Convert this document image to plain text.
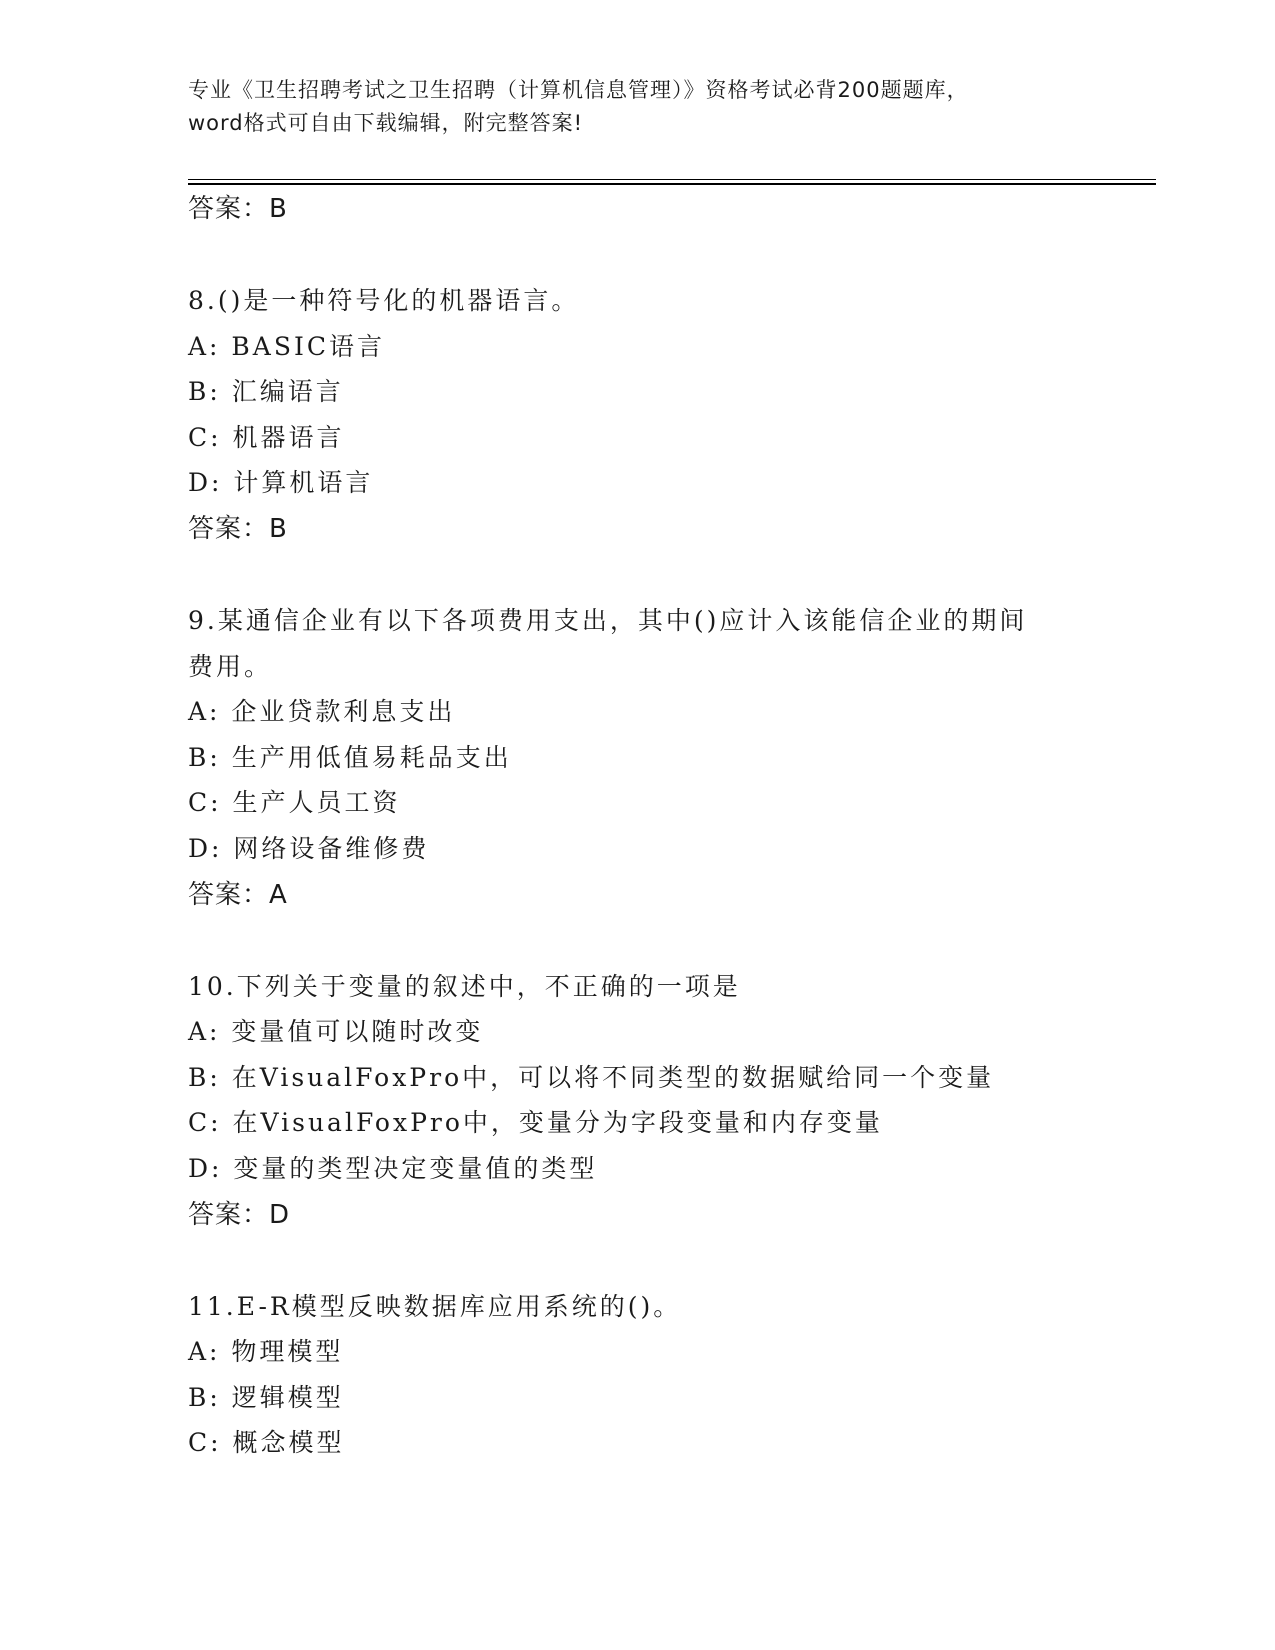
专业《卫生招聘考试之卫生招聘（计算机信息管理）》资格考试必背200题题库，
word格式可自由下载编辑，附完整答案!
答案：B
8.()是一种符号化的机器语言。
A: BASIC语言
B: 汇编语言
C: 机器语言
D: 计算机语言
答案：B
9.某通信企业有以下各项费用支出，其中()应计入该能信企业的期间
费用。
A: 企业贷款利息支出
B: 生产用低值易耗品支出
C: 生产人员工资
D: 网络设备维修费
答案：A
10.下列关于变量的叙述中，不正确的一项是
A: 变量值可以随时改变
B: 在VisualFoxPro中，可以将不同类型的数据赋给同一个变量
C: 在VisualFoxPro中，变量分为字段变量和内存变量
D: 变量的类型决定变量值的类型
答案：D
11.E-R模型反映数据库应用系统的()。
A: 物理模型
B: 逻辑模型
C: 概念模型
